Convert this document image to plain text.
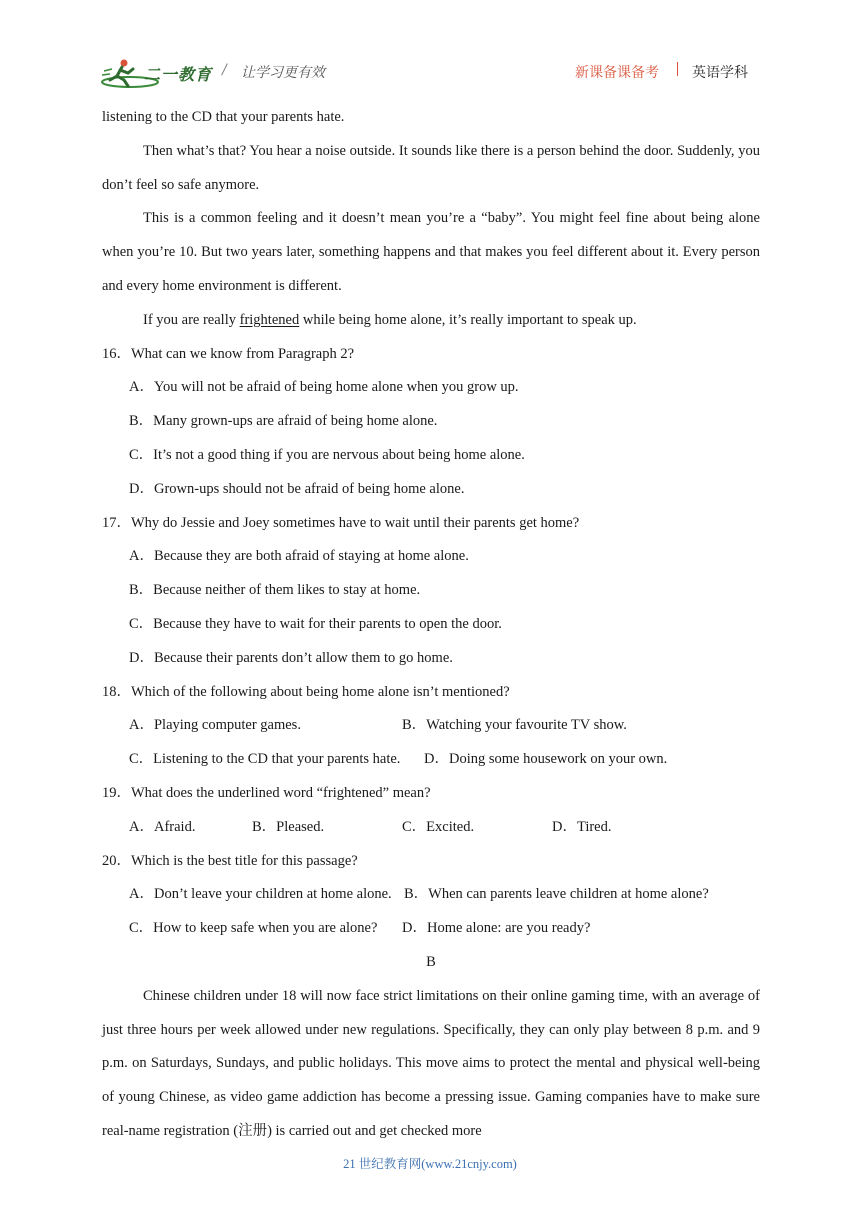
二一教育 / 让学习更有效	新课备课备考 英语学科

listening to the CD that your parents hate.

Then what’s that? You hear a noise outside. It sounds like there is a person behind the door. Suddenly, you don’t feel so safe anymore.

This is a common feeling and it doesn’t mean you’re a “baby”. You might feel fine about being alone when you’re 10. But two years later, something happens and that makes you feel different about it. Every person and every home environment is different.

If you are really frightened while being home alone, it’s really important to speak up.

16．What can we know from Paragraph 2?

A．You will not be afraid of being home alone when you grow up.

B．Many grown-ups are afraid of being home alone.

C．It’s not a good thing if you are nervous about being home alone.

D．Grown-ups should not be afraid of being home alone.

17．Why do Jessie and Joey sometimes have to wait until their parents get home?

A．Because they are both afraid of staying at home alone.

B．Because neither of them likes to stay at home.

C．Because they have to wait for their parents to open the door.

D．Because their parents don’t allow them to go home.

18．Which of the following about being home alone isn’t mentioned?

A．Playing computer games.	B．Watching your favourite TV show.
C．Listening to the CD that your parents hate. D．Doing some housework on your own.

19．What does the underlined word “frightened” mean?

A．Afraid.	B．Pleased.	C．Excited.	D．Tired.

20．Which is the best title for this passage?

A．Don’t leave your children at home alone. B．When can parents leave children at home alone?
C．How to keep safe when you are alone? D．Home alone: are you ready?

B

Chinese children under 18 will now face strict limitations on their online gaming time, with an average of just three hours per week allowed under new regulations. Specifically, they can only play between 8 p.m. and 9 p.m. on Saturdays, Sundays, and public holidays. This move aims to protect the mental and physical well-being of young Chinese, as video game addiction has become a pressing issue. Gaming companies have to make sure real-name registration (注册) is carried out and get checked more

21 世纪教育网(www.21cnjy.com)
